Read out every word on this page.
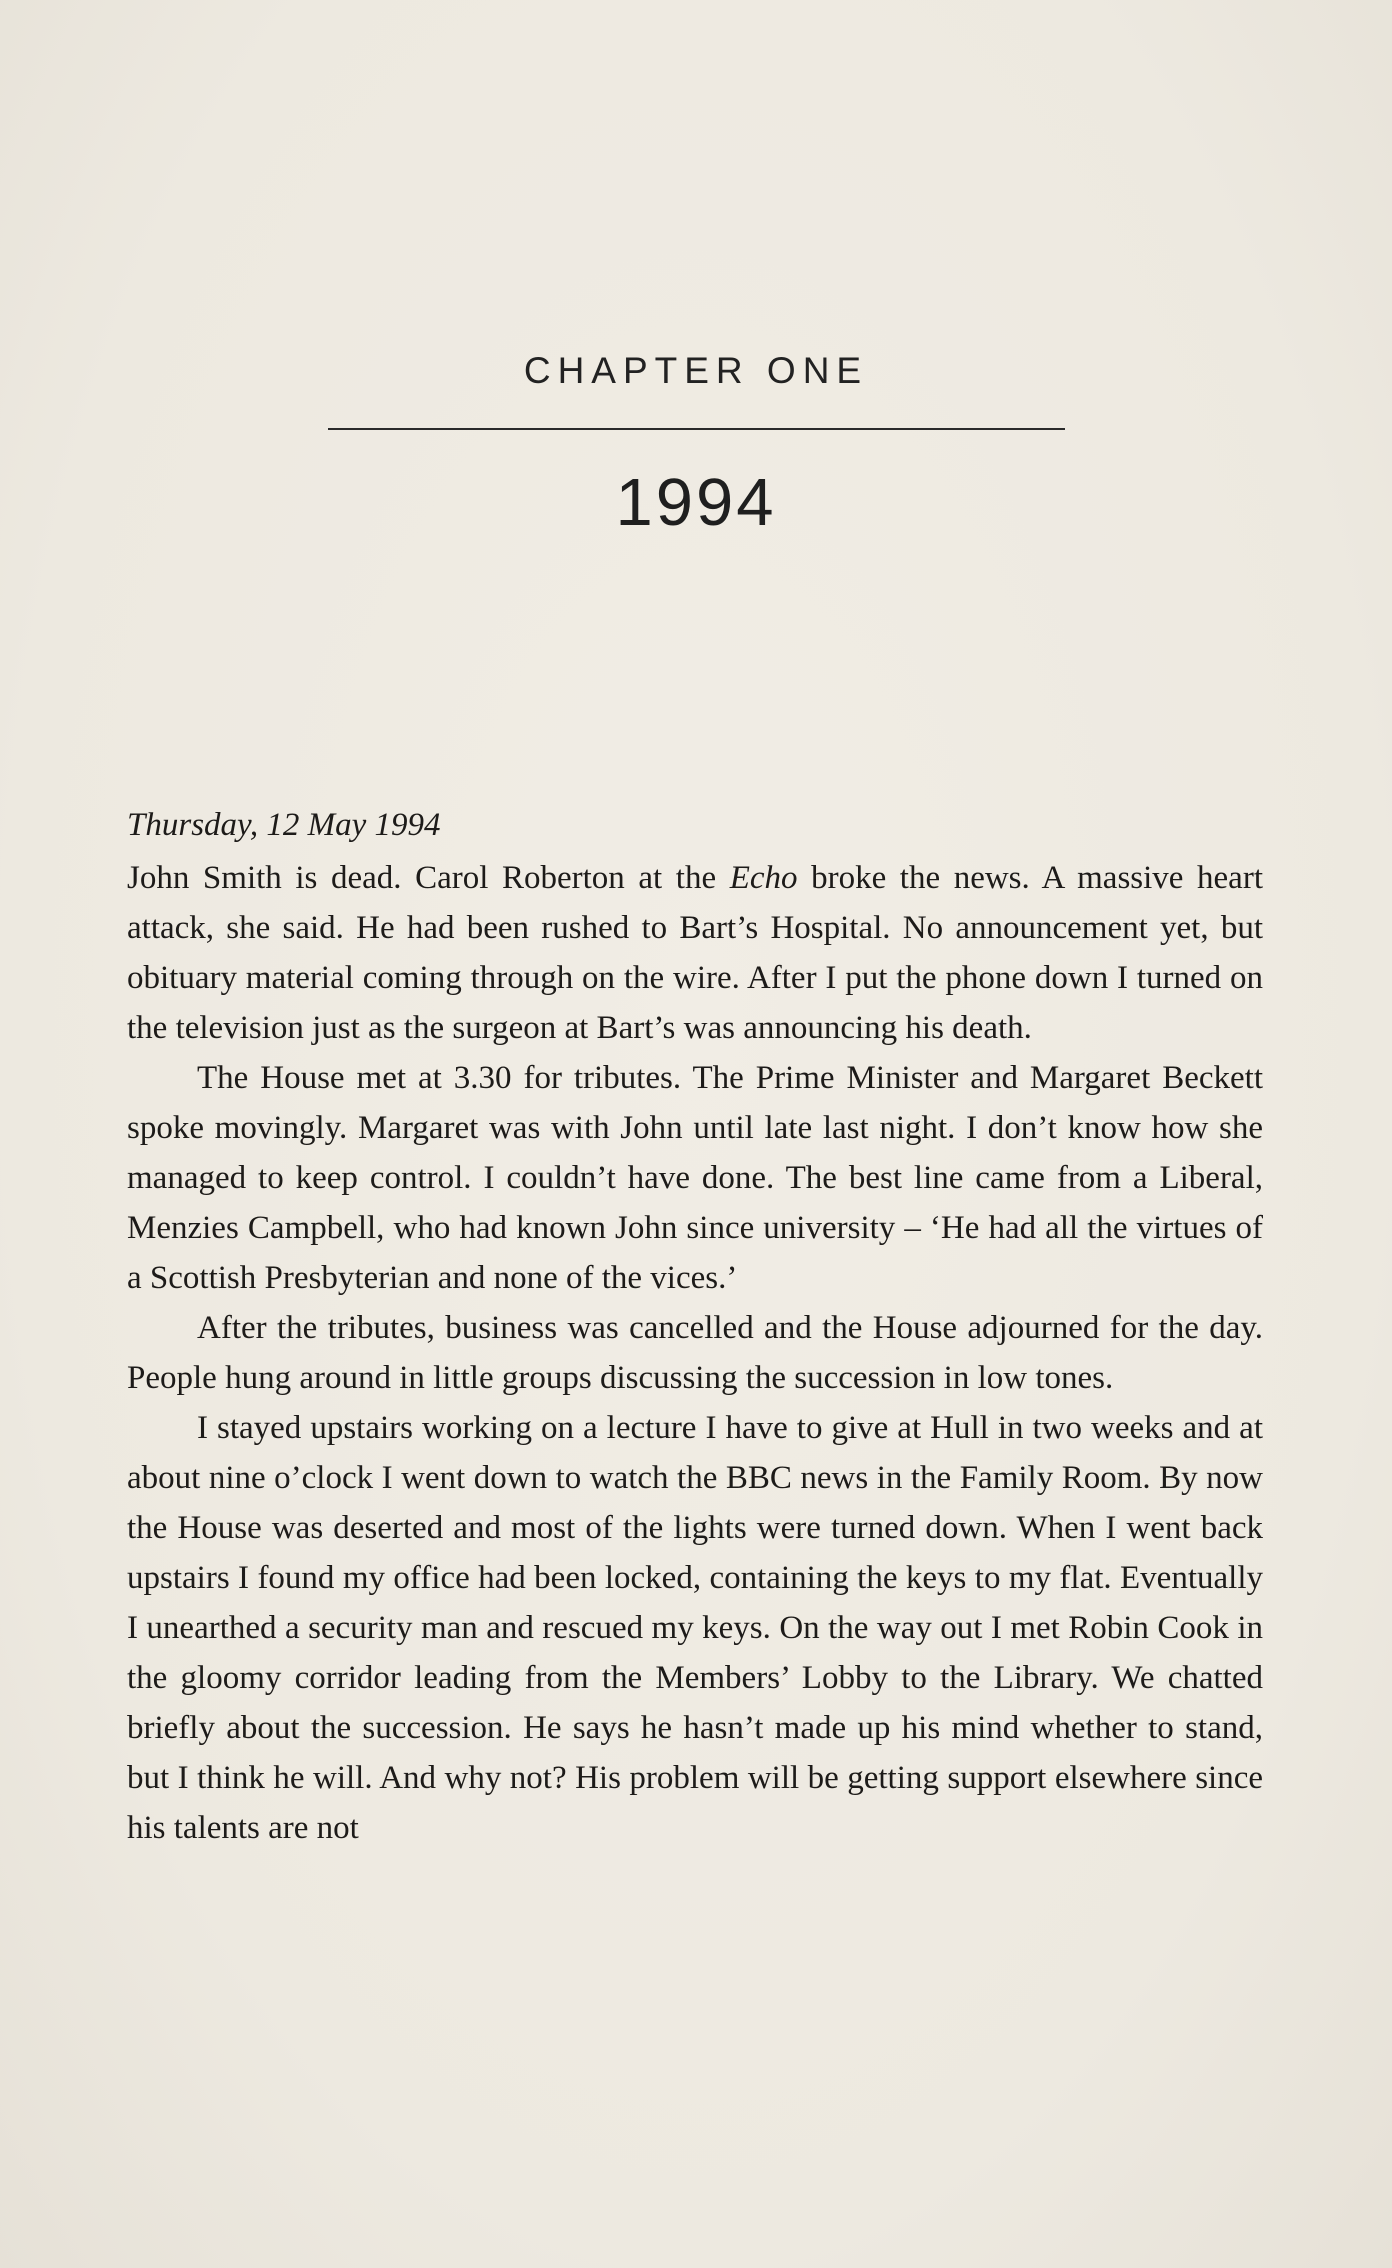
CHAPTER ONE
1994

Thursday, 12 May 1994

John Smith is dead. Carol Roberton at the Echo broke the news. A massive heart attack, she said. He had been rushed to Bart’s Hospital. No announcement yet, but obituary material coming through on the wire. After I put the phone down I turned on the television just as the surgeon at Bart’s was announcing his death.

The House met at 3.30 for tributes. The Prime Minister and Margaret Beckett spoke movingly. Margaret was with John until late last night. I don’t know how she managed to keep control. I couldn’t have done. The best line came from a Liberal, Menzies Campbell, who had known John since university – ‘He had all the virtues of a Scottish Presbyterian and none of the vices.’

After the tributes, business was cancelled and the House adjourned for the day. People hung around in little groups discussing the succession in low tones.

I stayed upstairs working on a lecture I have to give at Hull in two weeks and at about nine o’clock I went down to watch the BBC news in the Family Room. By now the House was deserted and most of the lights were turned down. When I went back upstairs I found my office had been locked, containing the keys to my flat. Eventually I unearthed a security man and rescued my keys. On the way out I met Robin Cook in the gloomy corridor leading from the Members’ Lobby to the Library. We chatted briefly about the succession. He says he hasn’t made up his mind whether to stand, but I think he will. And why not? His problem will be getting support elsewhere since his talents are not
